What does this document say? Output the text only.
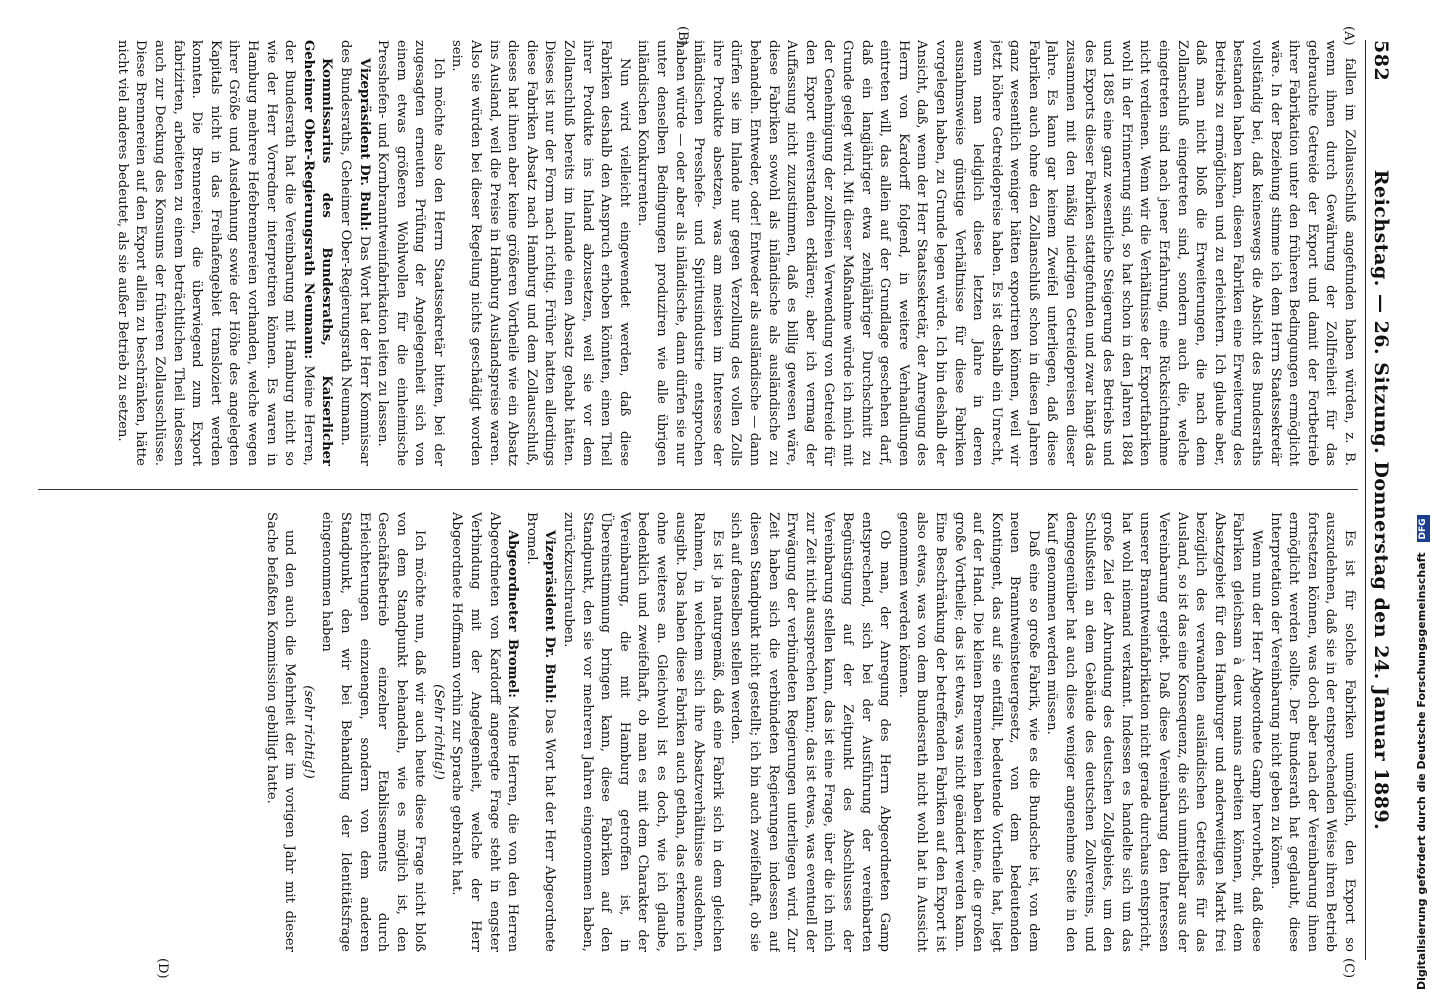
582
Reichstag. — 26. Sitzung. Donnerstag den 24. Januar 1889.
(A)
(B)
(C)
(D)

fallen im Zollausschluß angefunden haben würden, z. B. wenn ihnen durch Gewährung der Zollfreiheit für das gebrauchte Getreide der Export und damit der Fortbetrieb ihrer Fabrikation unter den früheren Bedingungen ermöglicht wäre. In der Beziehung stimme ich dem Herrn Staatssekretär vollständig bei, daß keineswegs die Absicht des Bundesraths bestanden haben kann, diesen Fabriken eine Erweiterung des Betriebs zu ermöglichen und zu erleichtern. Ich glaube aber, daß man nicht bloß die Erweiterungen, die nach dem Zollanschluß eingetreten sind, sondern auch die, welche eingetreten sind nach jener Erfahrung, eine Rücksichtnahme nicht verdienen. Wenn wir die Verhältnisse der Exportfabriken wohl in der Erinnerung sind, so hat schon in den Jahren 1884 und 1885 eine ganz wesentliche Steigerung des Betriebs und des Exports dieser Fabriken stattgefunden und zwar hängt das zusammen mit den mäßig niedrigen Getreidepreisen dieser Jahre. Es kann gar keinem Zweifel unterliegen, daß diese Fabriken auch ohne den Zollanschluß schon in diesen Jahren ganz wesentlich weniger hätten exportiren können, weil wir jetzt höhere Getreidepreise haben. Es ist deshalb ein Unrecht, wenn man lediglich diese letzten Jahre in deren ausnahmsweise günstige Verhältnisse für diese Fabriken vorgelegen haben, zu Grunde legen würde. Ich bin deshalb der Ansicht, daß, wenn der Herr Staatssekretär, der Anregung des Herrn von Kardorff folgend, in weitere Verhandlungen eintreten will, das allein auf der Grundlage geschehen darf, daß ein langjähriger etwa zehnjähriger Durchschnitt zu Grunde gelegt wird. Mit dieser Maßnahme würde ich mich mit der Genehmigung der zollfreien Verwendung von Getreide für den Export einverstanden erklären; aber ich vermag der Auffassung nicht zuzustimmen, daß es billig gewesen wäre, diese Fabriken sowohl als inländische als ausländische zu behandeln. Entweder, oder! Entweder als ausländische — dann dürfen sie im Inlande nur gegen Verzollung des vollen Zolls ihre Produkte absetzen, was am meisten im Interesse der inländischen Presshefe- und Spiritusindustrie entsprochen haben würde — oder aber als inländische, dann dürfen sie nur unter denselben Bedingungen produziren wie alle übrigen inländischen Konkurrenten.

Nun wird vielleicht eingewendet werden, daß diese Fabriken deshalb den Anspruch erhoben könnten, einen Theil ihrer Produkte ins Inland abzusetzen, weil sie vor dem Zollanschluß bereits im Inlande einen Absatz gehabt hätten. Dieses ist nur der Form nach richtig. Früher hatten allerdings diese Fabriken Absatz nach Hamburg und dem Zollausschluß, dieses hat ihnen aber keine größeren Vortheile wie ein Absatz ins Ausland, weil die Preise in Hamburg Auslandspreise waren. Also sie würden bei dieser Regelung nichts geschädigt worden sein.

Ich möchte also den Herrn Staatssekretär bitten, bei der zugesagten erneuten Prüfung der Angelegenheit sich von einem etwas größeren Wohlwollen für die einheimische Presshefen- und Kornbranntweinfabrikation leiten zu lassen.

Vizepräsident Dr. Buhl: Das Wort hat der Herr Kommissar des Bundesraths, Geheimer Ober-Regierungsrath Neumann.

Kommissarius des Bundesraths, Kaiserlicher Geheimer Ober-Regierungsrath Neumann: Meine Herren, der Bundesrath hat die Vereinbarung mit Hamburg nicht so wie der Herr Vorredner interpretiren können. Es waren in Hamburg mehrere Hefebrennereien vorhanden, welche wegen ihrer Größe und Ausdehnung sowie der Höhe des angelegten Kapitals nicht in das Freihafengebiet transloziert werden konnten. Die Brennereien, die überwiegend zum Export fabrizirten, arbeiteten zu einem beträchtlichen Theil indessen auch zur Deckung des Konsums der früheren Zollausschlüsse. Diese Brennereien auf den Export allein zu beschränken, hätte nicht viel anderes bedeutet, als sie außer Betrieb zu setzen.

Es ist für solche Fabriken unmöglich, den Export so auszudehnen, daß sie in der entsprechenden Weise ihren Betrieb fortsetzen können, was doch aber nach der Vereinbarung ihnen ermöglicht werden sollte. Der Bundesrath hat geglaubt, diese Interpretation der Vereinbarung nicht geben zu können.

Wenn nun der Herr Abgeordnete Gamp hervorhebt, daß diese Fabriken gleichsam à deux mains arbeiten können, mit dem Absatzgebiet für den Hamburger und anderweitigen Markt frei bezüglich des verwandten ausländischen Getreides für das Ausland, so ist das eine Konsequenz, die sich unmittelbar aus der Vereinbarung ergiebt. Daß diese Vereinbarung den Interessen unserer Branntweinfabrikation nicht gerade durchaus entspricht, hat wohl niemand verkannt. Indessen es handelte sich um das große Ziel der Abrundung des deutschen Zollgebiets, um den Schlußstein an dem Gebäude des deutschen Zollvereins, und demgegenüber hat auch diese weniger angenehme Seite in den Kauf genommen werden müssen.

Daß eine so große Fabrik, wie es die Bundsche ist, von dem neuen Branntweinsteuergesetz, von dem bedeutenden Kontingent, das auf sie entfällt, bedeutende Vortheile hat, liegt auf der Hand. Die kleinen Brennereien haben kleine, die großen große Vortheile; das ist etwas, was nicht geändert werden kann. Eine Beschränkung der betreffenden Fabriken auf den Export ist also etwas, was von dem Bundesrath nicht wohl hat in Aussicht genommen werden können.

Ob man, der Anregung des Herrn Abgeordneten Gamp entsprechend, sich bei der Ausführung der vereinbarten Begünstigung auf der Zeitpunkt des Abschlusses der Vereinbarung stellen kann, das ist eine Frage, über die ich mich zur Zeit nicht aussprechen kann; das ist etwas, was eventuell der Erwägung der verbündeten Regierungen unterliegen wird. Zur Zeit haben sich die verbündeten Regierungen indessen auf diesen Standpunkt nicht gestellt; ich bin auch zweifelhaft, ob sie sich auf denselben stellen werden.

Es ist ja naturgemäß, daß eine Fabrik sich in dem gleichen Rahmen, in welchem sich ihre Absatzverhältnisse ausdehnen, ausgibt. Das haben diese Fabriken auch gethan, das erkenne ich ohne weiteres an. Gleichwohl ist es doch, wie ich glaube, bedenklich und zweifelhaft, ob man es mit dem Charakter der Vereinbarung, die mit Hamburg getroffen ist, in Übereinstimmung bringen kann, diese Fabriken auf den Standpunkt, den sie vor mehreren Jahren eingenommen haben, zurückzuschrauben.

Vizepräsident Dr. Buhl: Das Wort hat der Herr Abgeordnete Bromel.

Abgeordneter Bromel: Meine Herren, die von den Herren Abgeordneten von Kardorff angeregte Frage steht in engster Verbindung mit der Angelegenheit, welche der Herr Abgeordnete Hoffmann vorhin zur Sprache gebracht hat.

(Sehr richtig!)

Ich möchte nun, daß wir auch heute diese Frage nicht bloß von dem Standpunkt behandeln, wie es möglich ist, den Geschäftsbetrieb einzelner Etablissements durch Erleichterungen einzuengen, sondern von dem anderen Standpunkt, den wir bei Behandlung der Identitätsfrage eingenommen haben

(sehr richtig!)

und den auch die Mehrheit der im vorigen Jahr mit dieser Sache befaßten Kommission gebilligt hatte.	Digitalisierung gefördert durch die Deutsche Forschungsgemeinschaft DFG
